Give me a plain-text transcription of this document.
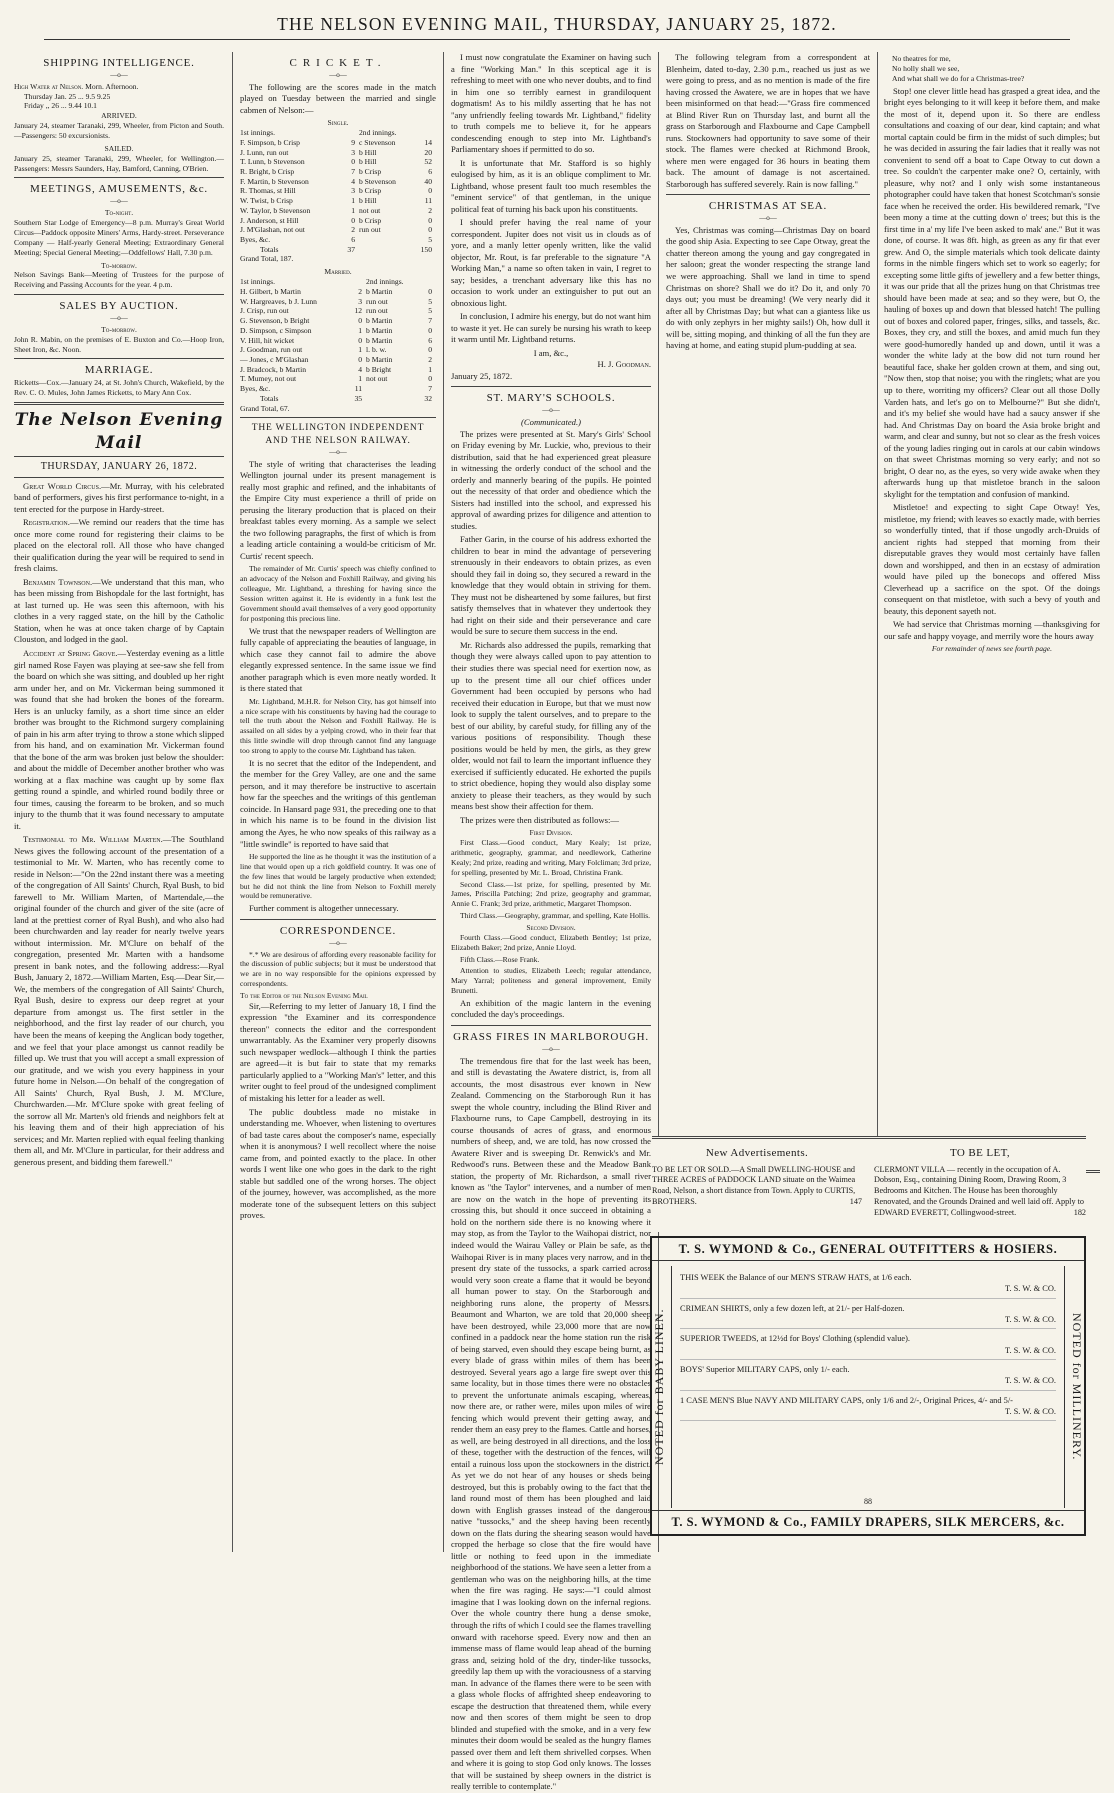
THE NELSON EVENING MAIL, THURSDAY, JANUARY 25, 1872.
SHIPPING INTELLIGENCE.
—o—
High Water at Nelson. Morn. Afternoon.
Thursday Jan. 25 ... 9.5 9.25
Friday ,, 26 ... 9.44 10.1
ARRIVED.
January 24, steamer Taranaki, 299, Wheeler, from Picton and South.—Passengers: 50 excursionists.
SAILED.
January 25, steamer Taranaki, 299, Wheeler, for Wellington.—Passengers: Messrs Saunders, Hay, Bamford, Canning, O'Brien.
MEETINGS, AMUSEMENTS, &c.
—o—
To-night.
Southern Star Lodge of Emergency—8 p.m. Murray's Great World Circus—Paddock opposite Miners' Arms, Hardy-street. Perseverance Company — Half-yearly General Meeting; Extraordinary General Meeting; Special General Meeting;—Oddfellows' Hall, 7.30 p.m.
To-morrow.
Nelson Savings Bank—Meeting of Trustees for the purpose of Receiving and Passing Accounts for the year. 4 p.m.
SALES BY AUCTION.
—o—
To-morrow.
John R. Mabin, on the premises of E. Buxton and Co.—Hoop Iron, Sheet Iron, &c. Noon.
MARRIAGE.
Ricketts—Cox.—January 24, at St. John's Church, Wakefield, by the Rev. C. O. Mules, John James Ricketts, to Mary Ann Cox.
The Nelson Evening Mail
THURSDAY, JANUARY 26, 1872.

Great World Circus.—Mr. Murray, with his celebrated band of performers, gives his first performance to-night, in a tent erected for the purpose in Hardy-street.

Registration.—We remind our readers that the time has once more come round for registering their claims to be placed on the electoral roll. All those who have changed their qualification during the year will be required to send in fresh claims.

Benjamin Townson.—We understand that this man, who has been missing from Bishopdale for the last fortnight, has at last turned up. He was seen this afternoon, with his clothes in a very ragged state, on the hill by the Catholic Station, when he was at once taken charge of by Captain Clouston, and lodged in the gaol.

Accident at Spring Grove.—Yesterday evening as a little girl named Rose Fayen was playing at see-saw she fell from the board on which she was sitting, and doubled up her right arm under her, and on Mr. Vickerman being summoned it was found that she had broken the bones of the forearm. Hers is an unlucky family, as a short time since an elder brother was brought to the Richmond surgery complaining of pain in his arm after trying to throw a stone which slipped from his hand, and on examination Mr. Vickerman found that the bone of the arm was broken just below the shoulder: and about the middle of December another brother who was working at a flax machine was caught up by some flax getting round a spindle, and whirled round bodily three or four times, causing the forearm to be broken, and so much injury to the thumb that it was found necessary to amputate it.

Testimonial to Mr. William Marten.—The Southland News gives the following account of the presentation of a testimonial to Mr. W. Marten, who has recently come to reside in Nelson:—"On the 22nd instant there was a meeting of the congregation of All Saints' Church, Ryal Bush, to bid farewell to Mr. William Marten, of Martendale,—the original founder of the church and giver of the site (acre of land at the prettiest corner of Ryal Bush), and who also had been churchwarden and lay reader for nearly twelve years without intermission. Mr. M'Clure on behalf of the congregation, presented Mr. Marten with a handsome present in bank notes, and the following address:—Ryal Bush, January 2, 1872.—William Marten, Esq.—Dear Sir,—We, the members of the congregation of All Saints' Church, Ryal Bush, desire to express our deep regret at your departure from amongst us. The first settler in the neighborhood, and the first lay reader of our church, you have been the means of keeping the Anglican body together, and we feel that your place amongst us cannot readily be filled up. We trust that you will accept a small expression of our gratitude, and we wish you every happiness in your future home in Nelson.—On behalf of the congregation of All Saints' Church, Ryal Bush, J. M. M'Clure, Churchwarden.—Mr. M'Clure spoke with great feeling of the sorrow all Mr. Marten's old friends and neighbors felt at his leaving them and of their high appreciation of his services; and Mr. Marten replied with equal feeling thanking them all, and Mr. M'Clure in particular, for their address and generous present, and bidding them farewell."

CRICKET.
—o—

The following are the scores made in the match played on Tuesday between the married and single cabmen of Nelson:—

Single.
1st innings.		2nd innings.	
F. Simpson, b Crisp	9	c Stevenson	14
J. Lunn, run out	3	b Hill	20
T. Lunn, b Stevenson	0	b Hill	52
R. Bright, b Crisp	7	b Crisp	6
F. Martin, b Stevenson	4	b Stevenson	40
R. Thomas, st Hill	3	b Crisp	0
W. Twist, b Crisp	1	b Hill	11
W. Taylor, b Stevenson	1	not out	2
J. Anderson, st Hill	0	b Crisp	0
J. M'Glashan, not out	2	run out	0
Byes, &c.	6		5
Totals	37		150
Grand Total, 187.
Married.
1st innings.		2nd innings.	
H. Gilbert, b Martin	2	b Martin	0
W. Hargreaves, b J. Lunn	3	run out	5
J. Crisp, run out	12	run out	5
G. Stevenson, b Bright	0	b Martin	7
D. Simpson, c Simpson	1	b Martin	0
V. Hill, hit wicket	0	b Martin	6
J. Goodman, run out	1	l. b. w.	0
— Jones, c M'Glashan	0	b Martin	2
J. Bradcock, b Martin	4	b Bright	1
T. Mumey, not out	1	not out	0
Byes, &c.	11		7
Totals	35		32
Grand Total, 67.
THE WELLINGTON INDEPENDENT AND THE NELSON RAILWAY.
—o—

The style of writing that characterises the leading Wellington journal under its present management is really most graphic and refined, and the inhabitants of the Empire City must experience a thrill of pride on perusing the literary production that is placed on their breakfast tables every morning. As a sample we select the two following paragraphs, the first of which is from a leading article containing a would-be criticism of Mr. Curtis' recent speech.

The remainder of Mr. Curtis' speech was chiefly confined to an advocacy of the Nelson and Foxhill Railway, and giving his colleague, Mr. Lightband, a threshing for having since the Session written against it. He is evidently in a funk lest the Government should avail themselves of a very good opportunity for postponing this precious line.

We trust that the newspaper readers of Wellington are fully capable of appreciating the beauties of language, in which case they cannot fail to admire the above elegantly expressed sentence. In the same issue we find another paragraph which is even more neatly worded. It is there stated that

Mr. Lightband, M.H.R. for Nelson City, has got himself into a nice scrape with his constituents by having had the courage to tell the truth about the Nelson and Foxhill Railway. He is assailed on all sides by a yelping crowd, who in their fear that this little swindle will drop through cannot find any language too strong to apply to the course Mr. Lightband has taken.

It is no secret that the editor of the Independent, and the member for the Grey Valley, are one and the same person, and it may therefore be instructive to ascertain how far the speeches and the writings of this gentleman coincide. In Hansard page 931, the preceding one to that in which his name is to be found in the division list among the Ayes, he who now speaks of this railway as a "little swindle" is reported to have said that

He supported the line as he thought it was the institution of a line that would open up a rich goldfield country. It was one of the few lines that would be largely productive when extended; but he did not think the line from Nelson to Foxhill merely would be remunerative.

Further comment is altogether unnecessary.

CORRESPONDENCE.
—o—

*.* We are desirous of affording every reasonable facility for the discussion of public subjects; but it must be understood that we are in no way responsible for the opinions expressed by correspondents.

To the Editor of the Nelson Evening Mail

Sir,—Referring to my letter of January 18, I find the expression "the Examiner and its correspondence thereon" connects the editor and the correspondent unwarrantably. As the Examiner very properly disowns such newspaper wedlock—although I think the parties are agreed—it is but fair to state that my remarks particularly applied to a "Working Man's" letter, and this writer ought to feel proud of the undesigned compliment of mistaking his letter for a leader as well.

The public doubtless made no mistake in understanding me. Whoever, when listening to overtures of bad taste cares about the composer's name, especially when it is anonymous? I well recollect where the noise came from, and pointed exactly to the place. In other words I went like one who goes in the dark to the right stable but saddled one of the wrong horses. The object of the journey, however, was accomplished, as the more moderate tone of the subsequent letters on this subject proves.

I must now congratulate the Examiner on having such a fine "Working Man." In this sceptical age it is refreshing to meet with one who never doubts, and to find in him one so terribly earnest in grandiloquent dogmatism! As to his mildly asserting that he has not "any unfriendly feeling towards Mr. Lightband," fidelity to truth compels me to believe it, for he appears condescending enough to step into Mr. Lightband's Parliamentary shoes if permitted to do so.

It is unfortunate that Mr. Stafford is so highly eulogised by him, as it is an oblique compliment to Mr. Lightband, whose present fault too much resembles the "eminent service" of that gentleman, in the unique political feat of turning his back upon his constituents.

I should prefer having the real name of your correspondent. Jupiter does not visit us in clouds as of yore, and a manly letter openly written, like the valid objector, Mr. Rout, is far preferable to the signature "A Working Man," a name so often taken in vain, I regret to say; besides, a trenchant adversary like this has no occasion to work under an extinguisher to put out an obnoxious light.

In conclusion, I admire his energy, but do not want him to waste it yet. He can surely be nursing his wrath to keep it warm until Mr. Lightband returns.

I am, &c.,
H. J. Goodman.
January 25, 1872.
ST. MARY'S SCHOOLS.
—o—
(Communicated.)

The prizes were presented at St. Mary's Girls' School on Friday evening by Mr. Luckie, who, previous to their distribution, said that he had experienced great pleasure in witnessing the orderly conduct of the school and the orderly and mannerly bearing of the pupils. He pointed out the necessity of that order and obedience which the Sisters had instilled into the school, and expressed his approval of awarding prizes for diligence and attention to studies.

Father Garin, in the course of his address exhorted the children to bear in mind the advantage of persevering strenuously in their endeavors to obtain prizes, as even should they fail in doing so, they secured a reward in the knowledge that they would obtain in striving for them. They must not be disheartened by some failures, but first satisfy themselves that in whatever they undertook they had right on their side and their perseverance and care would be sure to secure them success in the end.

Mr. Richards also addressed the pupils, remarking that though they were always called upon to pay attention to their studies there was special need for exertion now, as up to the present time all our chief offices under Government had been occupied by persons who had received their education in Europe, but that we must now look to supply the talent ourselves, and to prepare to the best of our ability, by careful study, for filling any of the various positions of responsibility. Though these positions would be held by men, the girls, as they grew older, would not fail to learn the important influence they exercised if sufficiently educated. He exhorted the pupils to strict obedience, hoping they would also display some anxiety to please their teachers, as they would by such means best show their affection for them.

The prizes were then distributed as follows:—

First Division.

First Class.—Good conduct, Mary Kealy; 1st prize, arithmetic, geography, grammar, and needlework, Catherine Kealy; 2nd prize, reading and writing, Mary Folcliman; 3rd prize, for spelling, presented by Mr. L. Broad, Christina Frank.

Second Class.—1st prize, for spelling, presented by Mr. James, Priscilla Patching; 2nd prize, geography and grammar, Annie C. Frank; 3rd prize, arithmetic, Margaret Thompson.

Third Class.—Geography, grammar, and spelling, Kate Hollis.

Second Division.

Fourth Class.—Good conduct, Elizabeth Bentley; 1st prize, Elizabeth Baker; 2nd prize, Annie Lloyd.

Fifth Class.—Rose Frank.

Attention to studies, Elizabeth Leech; regular attendance, Mary Yarral; politeness and general improvement, Emily Brunetti.

An exhibition of the magic lantern in the evening concluded the day's proceedings.

GRASS FIRES IN MARLBOROUGH.
—o—

The tremendous fire that for the last week has been, and still is devastating the Awatere district, is, from all accounts, the most disastrous ever known in New Zealand. Commencing on the Starborough Run it has swept the whole country, including the Blind River and Flaxbourne runs, to Cape Campbell, destroying in its course thousands of acres of grass, and enormous numbers of sheep, and, we are told, has now crossed the Awatere River and is sweeping Dr. Renwick's and Mr. Redwood's runs. Between these and the Meadow Bank station, the property of Mr. Richardson, a small river known as "the Taylor" intervenes, and a number of men are now on the watch in the hope of preventing its crossing this, but should it once succeed in obtaining a hold on the northern side there is no knowing where it may stop, as from the Taylor to the Waihopai district, nor indeed would the Wairau Valley or Plain be safe, as the Waihopai River is in many places very narrow, and in the present dry state of the tussocks, a spark carried across would very soon create a flame that it would be beyond all human power to stay. On the Starborough and neighboring runs alone, the property of Messrs. Beaumont and Wharton, we are told that 20,000 sheep have been destroyed, while 23,000 more that are now confined in a paddock near the home station run the risk of being starved, even should they escape being burnt, as every blade of grass within miles of them has been destroyed. Several years ago a large fire swept over this same locality, but in those times there were no obstacles to prevent the unfortunate animals escaping, whereas, now there are, or rather were, miles upon miles of wire fencing which would prevent their getting away, and render them an easy prey to the flames. Cattle and horses, as well, are being destroyed in all directions, and the loss of these, together with the destruction of the fences, will entail a ruinous loss upon the stockowners in the district. As yet we do not hear of any houses or sheds being destroyed, but this is probably owing to the fact that the land round most of them has been ploughed and laid down with English grasses instead of the dangerous native "tussocks," and the sheep having been recently down on the flats during the shearing season would have cropped the herbage so close that the fire would have little or nothing to feed upon in the immediate neighborhood of the stations. We have seen a letter from a gentleman who was on the neighboring hills, at the time when the fire was raging. He says:—"I could almost imagine that I was looking down on the infernal regions. Over the whole country there hung a dense smoke, through the rifts of which I could see the flames travelling onward with racehorse speed. Every now and then an immense mass of flame would leap ahead of the burning grass and, seizing hold of the dry, tinder-like tussocks, greedily lap them up with the voraciousness of a starving man. In advance of the flames there were to be seen with a glass whole flocks of affrighted sheep endeavoring to escape the destruction that threatened them, while every now and then scores of them might be seen to drop blinded and stupefied with the smoke, and in a very few minutes their doom would be sealed as the hungry flames passed over them and left them shrivelled corpses. When and where it is going to stop God only knows. The losses that will be sustained by sheep owners in the district is really terrible to contemplate."

The following telegram from a correspondent at Blenheim, dated to-day, 2.30 p.m., reached us just as we were going to press, and as no mention is made of the fire having crossed the Awatere, we are in hopes that we have been misinformed on that head:—"Grass fire commenced at Blind River Run on Thursday last, and burnt all the grass on Starborough and Flaxbourne and Cape Campbell runs. Stockowners had opportunity to save some of their stock. The flames were checked at Richmond Brook, where men were engaged for 36 hours in beating them back. The amount of damage is not ascertained. Starborough has suffered severely. Rain is now falling."

CHRISTMAS AT SEA.
—o—

Yes, Christmas was coming—Christmas Day on board the good ship Asia. Expecting to see Cape Otway, great the chatter thereon among the young and gay congregated in her saloon; great the wonder respecting the strange land we were approaching. Shall we land in time to spend Christmas on shore? Shall we do it? Do it, and only 70 days out; you must be dreaming! (We very nearly did it after all by Christmas Day; but what can a giantess like us do with only zephyrs in her mighty sails!) Oh, how dull it will be, sitting moping, and thinking of all the fun they are having at home, and eating stupid plum-pudding at sea.

No theatres for me,
No holly shall we see,
And what shall we do for a Christmas-tree?

Stop! one clever little head has grasped a great idea, and the bright eyes belonging to it will keep it before them, and make the most of it, depend upon it. So there are endless consultations and coaxing of our dear, kind captain; and what mortal captain could be firm in the midst of such dimples; but he was decided in assuring the fair ladies that it really was not convenient to send off a boat to Cape Otway to cut down a tree. So couldn't the carpenter make one? O, certainly, with pleasure, why not? and I only wish some instantaneous photographer could have taken that honest Scotchman's sonsie face when he received the order. His bewildered remark, "I've been mony a time at the cutting down o' trees; but this is the first time in a' my life I've been asked to mak' ane." But it was done, of course. It was 8ft. high, as green as any fir that ever grew. And O, the simple materials which took delicate dainty forms in the nimble fingers which set to work so eagerly; for excepting some little gifts of jewellery and a few better things, it was our pride that all the prizes hung on that Christmas tree should have been made at sea; and so they were, but O, the hauling of boxes up and down that blessed hatch! The pulling out of boxes and colored paper, fringes, silks, and tassels, &c. Boxes, they cry, and still the boxes, and amid much fun they were good-humoredly handed up and down, until it was a wonder the white lady at the bow did not turn round her beautiful face, shake her golden crown at them, and sing out, "Now then, stop that noise; you with the ringlets; what are you up to there, worriting my officers? Clear out all those Dolly Varden hats, and let's go on to Melbourne?" But she didn't, and it's my belief she would have had a saucy answer if she had. And Christmas Day on board the Asia broke bright and warm, and clear and sunny, but not so clear as the fresh voices of the young ladies ringing out in carols at our cabin windows on that sweet Christmas morning so very early; and not so bright, O dear no, as the eyes, so very wide awake when they afterwards hung up that mistletoe branch in the saloon skylight for the temptation and confusion of mankind.

Mistletoe! and expecting to sight Cape Otway! Yes, mistletoe, my friend; with leaves so exactly made, with berries so wonderfully tinted, that if those ungodly arch-Druids of ancient rights had stepped that morning from their disreputable graves they would most certainly have fallen down and worshipped, and then in an ecstasy of admiration would have piled up the bonecops and offered Miss Cleverhead up a sacrifice on the spot. Of the doings consequent on that mistletoe, with such a bevy of youth and beauty, this deponent sayeth not.

We had service that Christmas morning —thanksgiving for our safe and happy voyage, and merrily wore the hours away

For remainder of news see fourth page.
T. S. WYMOND & Co., GENERAL OUTFITTERS & HOSIERS.
NOTED for BABY LINEN.	NOTED for MILLINERY.
THIS WEEK the Balance of our MEN'S STRAW HATS, at 1/6 each.
T. S. W. & CO.
CRIMEAN SHIRTS, only a few dozen left, at 21/- per Half-dozen.
T. S. W. & CO.
SUPERIOR TWEEDS, at 12½d for Boys' Clothing (splendid value).
T. S. W. & CO.
BOYS' Superior MILITARY CAPS, only 1/- each.
T. S. W. & CO.
1 CASE MEN'S Blue NAVY AND MILITARY CAPS, only 1/6 and 2/-, Original Prices, 4/- and 5/-
T. S. W. & CO.
88
T. S. WYMOND & Co., FAMILY DRAPERS, SILK MERCERS, &c.

New Advertisements.
TO BE LET OR SOLD.—A Small DWELLING-HOUSE and THREE ACRES of PADDOCK LAND situate on the Waimea Road, Nelson, a short distance from Town. Apply to CURTIS, BROTHERS.	147
TO BE LET,
CLERMONT VILLA — recently in the occupation of A. Dobson, Esq., containing Dining Room, Drawing Room, 3 Bedrooms and Kitchen. The House has been thoroughly Renovated, and the Grounds Drained and well laid off. Apply to EDWARD EVERETT, Collingwood-street.	182
